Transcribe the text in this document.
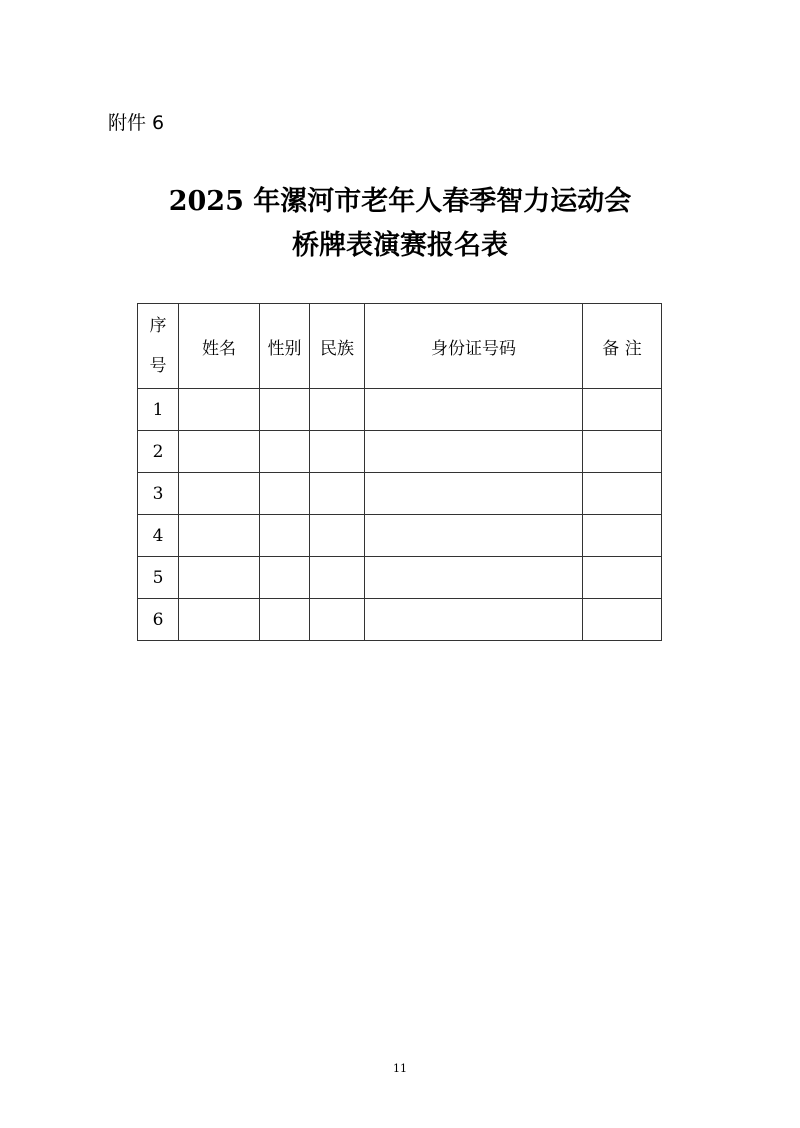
附件 6
2025 年漯河市老年人春季智力运动会
桥牌表演赛报名表
序
号	姓名	性别	民族	身份证号码	备 注
1					
2					
3					
4					
5					
6					
11
